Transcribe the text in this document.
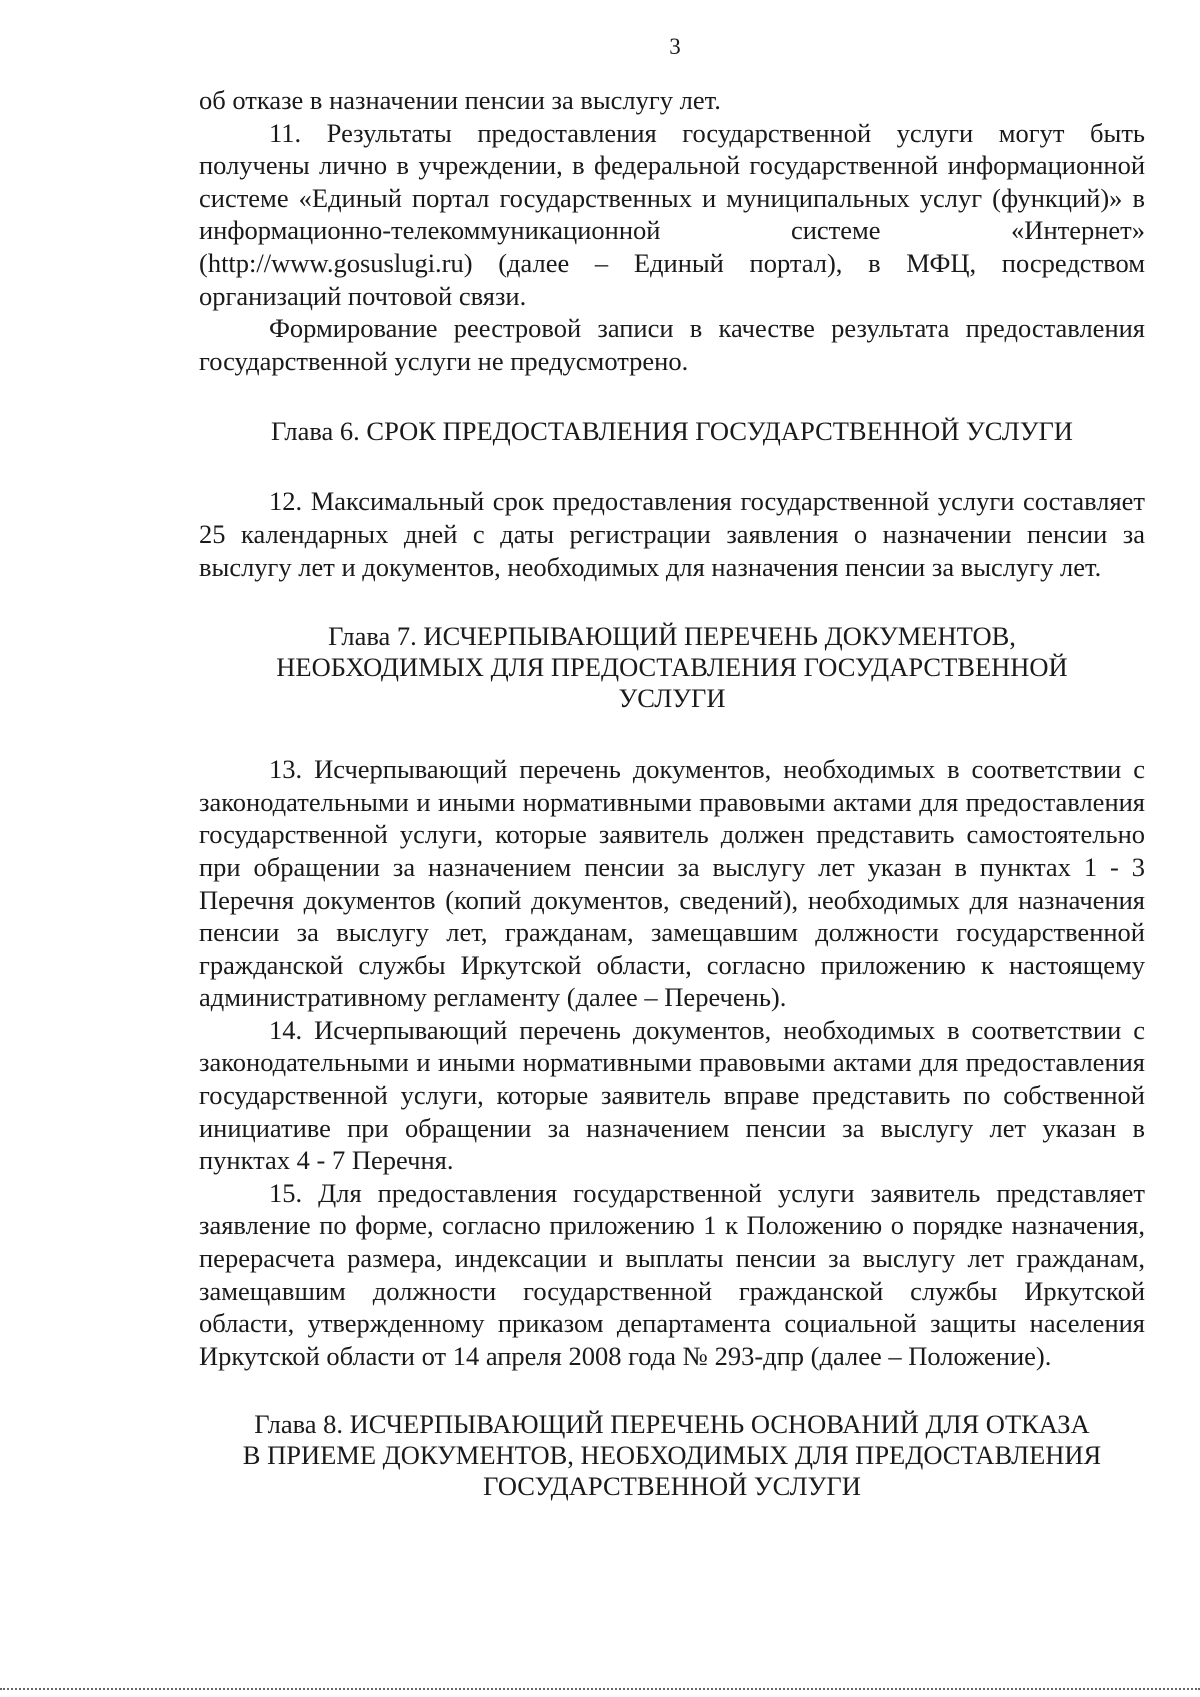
3

об отказе в назначении пенсии за выслугу лет.

11. Результаты предоставления государственной услуги могут быть получены лично в учреждении, в федеральной государственной информационной системе «Единый портал государственных и муниципальных услуг (функций)» в информационно-телекоммуникационной системе «Интернет» (http://www.gosuslugi.ru) (далее – Единый портал), в МФЦ, посредством организаций почтовой связи.

Формирование реестровой записи в качестве результата предоставления государственной услуги не предусмотрено.

Глава 6. СРОК ПРЕДОСТАВЛЕНИЯ ГОСУДАРСТВЕННОЙ УСЛУГИ

12. Максимальный срок предоставления государственной услуги составляет 25 календарных дней с даты регистрации заявления о назначении пенсии за выслугу лет и документов, необходимых для назначения пенсии за выслугу лет.

Глава 7. ИСЧЕРПЫВАЮЩИЙ ПЕРЕЧЕНЬ ДОКУМЕНТОВ,
НЕОБХОДИМЫХ ДЛЯ ПРЕДОСТАВЛЕНИЯ ГОСУДАРСТВЕННОЙ
УСЛУГИ

13. Исчерпывающий перечень документов, необходимых в соответствии с законодательными и иными нормативными правовыми актами для предоставления государственной услуги, которые заявитель должен представить самостоятельно при обращении за назначением пенсии за выслугу лет указан в пунктах 1 - 3 Перечня документов (копий документов, сведений), необходимых для назначения пенсии за выслугу лет, гражданам, замещавшим должности государственной гражданской службы Иркутской области, согласно приложению к настоящему административному регламенту (далее – Перечень).

14. Исчерпывающий перечень документов, необходимых в соответствии с законодательными и иными нормативными правовыми актами для предоставления государственной услуги, которые заявитель вправе представить по собственной инициативе при обращении за назначением пенсии за выслугу лет указан в пунктах 4 - 7 Перечня.

15. Для предоставления государственной услуги заявитель представляет заявление по форме, согласно приложению 1 к Положению о порядке назначения, перерасчета размера, индексации и выплаты пенсии за выслугу лет гражданам, замещавшим должности государственной гражданской службы Иркутской области, утвержденному приказом департамента социальной защиты населения Иркутской области от 14 апреля 2008 года № 293-дпр (далее – Положение).

Глава 8. ИСЧЕРПЫВАЮЩИЙ ПЕРЕЧЕНЬ ОСНОВАНИЙ ДЛЯ ОТКАЗА
В ПРИЕМЕ ДОКУМЕНТОВ, НЕОБХОДИМЫХ ДЛЯ ПРЕДОСТАВЛЕНИЯ
ГОСУДАРСТВЕННОЙ УСЛУГИ
